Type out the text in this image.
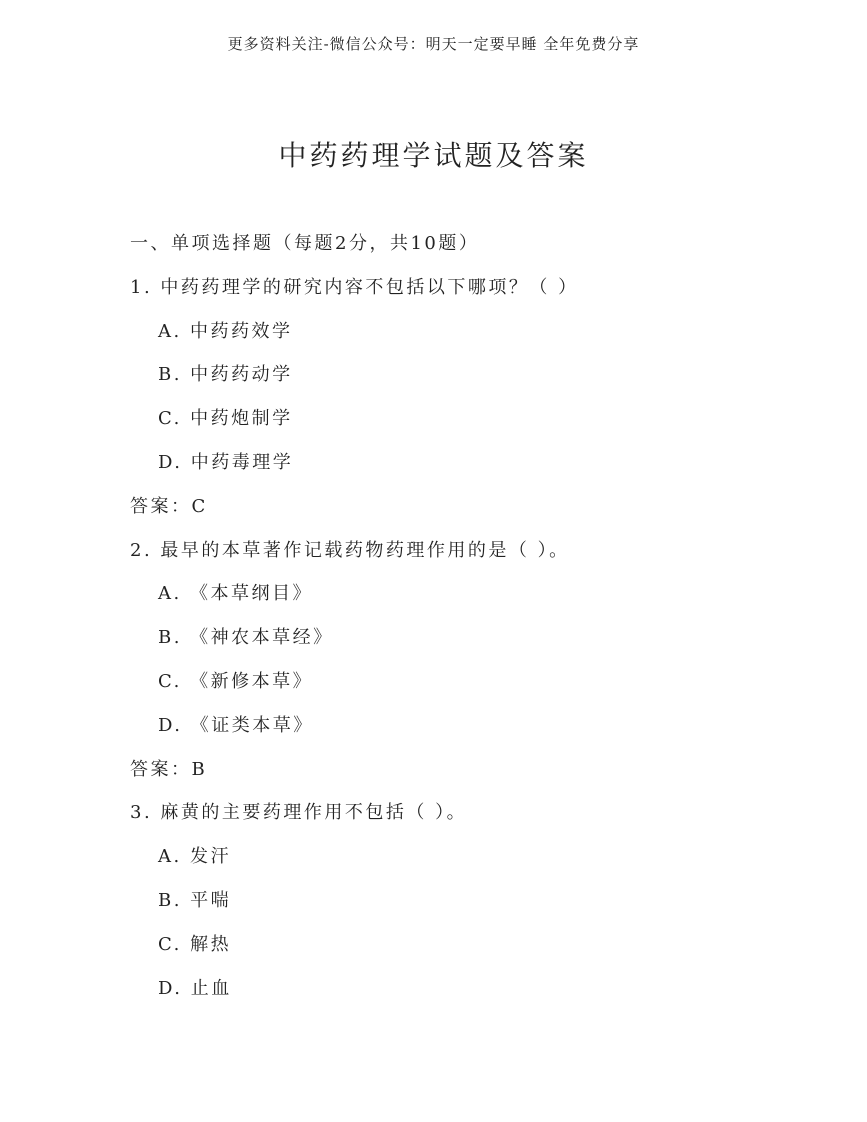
更多资料关注-微信公众号：明天一定要早睡 全年免费分享
中药药理学试题及答案
一、单项选择题（每题2分，共10题）
1. 中药药理学的研究内容不包括以下哪项？（ ）
A. 中药药效学
B. 中药药动学
C. 中药炮制学
D. 中药毒理学
答案：C
2. 最早的本草著作记载药物药理作用的是（ ）。
A. 《本草纲目》
B. 《神农本草经》
C. 《新修本草》
D. 《证类本草》
答案：B
3. 麻黄的主要药理作用不包括（ ）。
A. 发汗
B. 平喘
C. 解热
D. 止血
